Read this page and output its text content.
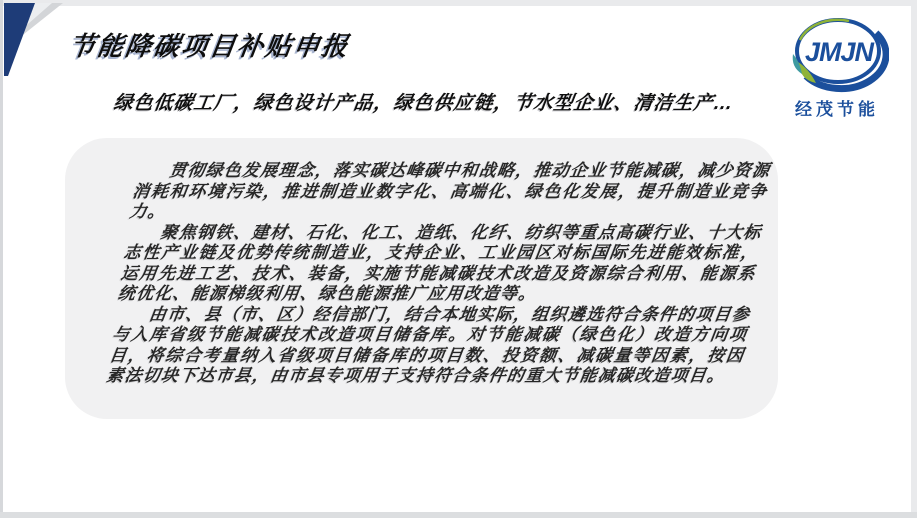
节能降碳项目补贴申报
绿色低碳工厂，绿色设计产品，绿色供应链，节水型企业、清洁生产…
JMJN
经茂节能

贯彻绿色发展理念，落实碳达峰碳中和战略，推动企业节能减碳，减少资源消耗和环境污染，推进制造业数字化、高端化、绿色化发展，提升制造业竞争力。

聚焦钢铁、建材、石化、化工、造纸、化纤、纺织等重点高碳行业、十大标志性产业链及优势传统制造业，支持企业、工业园区对标国际先进能效标准，运用先进工艺、技术、装备，实施节能减碳技术改造及资源综合利用、能源系统优化、能源梯级利用、绿色能源推广应用改造等。

由市、县（市、区）经信部门，结合本地实际，组织遴选符合条件的项目参与入库省级节能减碳技术改造项目储备库。对节能减碳（绿色化）改造方向项目，将综合考量纳入省级项目储备库的项目数、投资额、减碳量等因素，按因素法切块下达市县，由市县专项用于支持符合条件的重大节能减碳改造项目。
